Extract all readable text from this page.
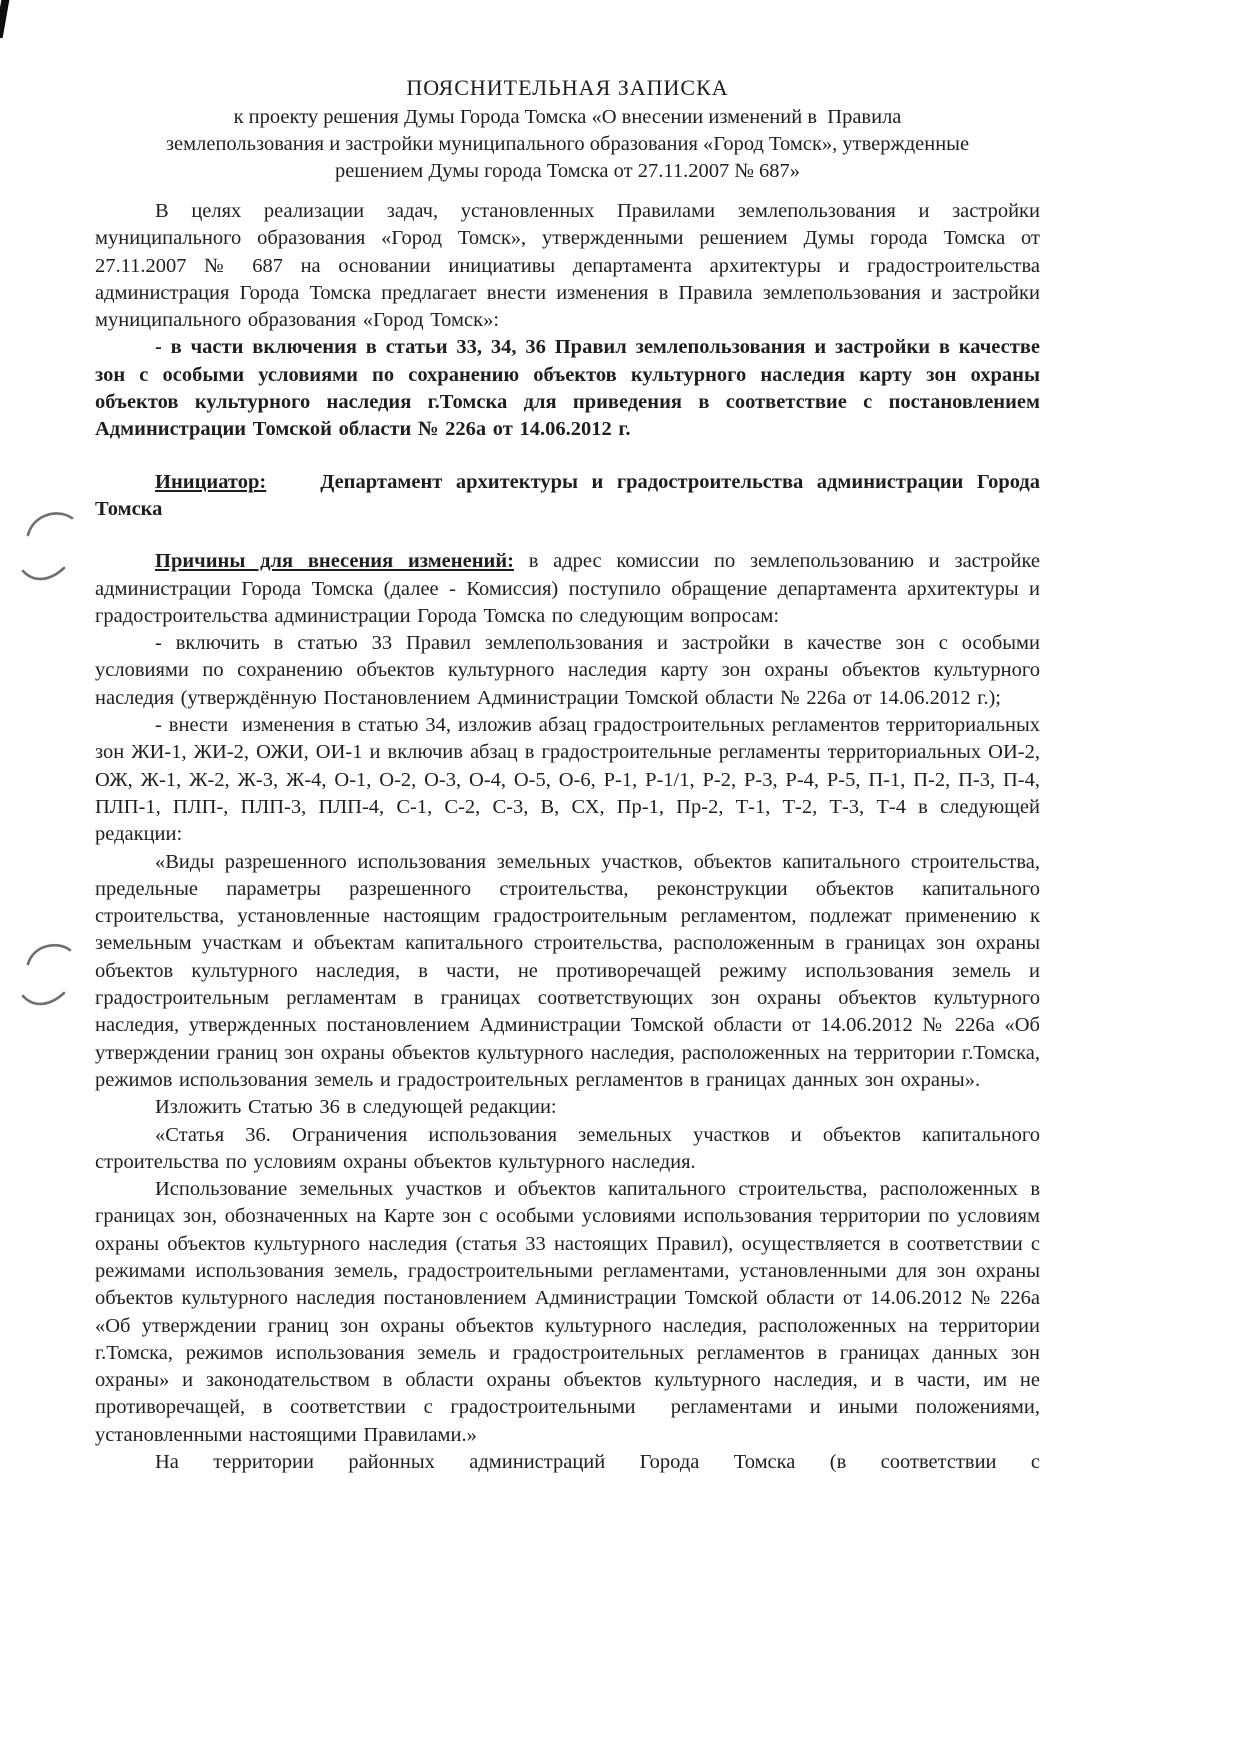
ПОЯСНИТЕЛЬНАЯ ЗАПИСКА

к проекту решения Думы Города Томска «О внесении изменений в  Правила

землепользования и застройки муниципального образования «Город Томск», утвержденные

решением Думы города Томска от 27.11.2007 № 687»

В целях реализации задач, установленных Правилами землепользования и застройки муниципального образования «Город Томск», утвержденными решением Думы города Томска от 27.11.2007 № 687 на основании инициативы департамента архитектуры и градостроительства администрация Города Томска предлагает внести изменения в Правила землепользования и застройки муниципального образования «Город Томск»:

- в части включения в статьи 33, 34, 36 Правил землепользования и застройки в качестве зон с особыми условиями по сохранению объектов культурного наследия карту зон охраны объектов культурного наследия г.Томска для приведения в соответствие с постановлением Администрации Томской области № 226а от 14.06.2012 г.

Инициатор:    Департамент архитектуры и градостроительства администрации Города Томска

Причины для внесения изменений: в адрес комиссии по землепользованию и застройке администрации Города Томска (далее - Комиссия) поступило обращение департамента архитектуры и градостроительства администрации Города Томска по следующим вопросам:

- включить в статью 33 Правил землепользования и застройки в качестве зон с особыми условиями по сохранению объектов культурного наследия карту зон охраны объектов культурного наследия (утверждённую Постановлением Администрации Томской области № 226а от 14.06.2012 г.);

- внести  изменения в статью 34, изложив абзац градостроительных регламентов территориальных зон ЖИ-1, ЖИ-2, ОЖИ, ОИ-1 и включив абзац в градостроительные регламенты территориальных ОИ-2, ОЖ, Ж-1, Ж-2, Ж-3, Ж-4, О-1, О-2, О-3, О-4, О-5, О-6, Р-1, Р-1/1, Р-2, Р-3, Р-4, Р-5, П-1, П-2, П-3, П-4, ПЛП-1, ПЛП-, ПЛП-3, ПЛП-4, С-1, С-2, С-3, В, СХ, Пр-1, Пр-2, Т-1, Т-2, Т-3, Т-4 в следующей редакции:

«Виды разрешенного использования земельных участков, объектов капитального строительства, предельные параметры разрешенного строительства, реконструкции объектов капитального строительства, установленные настоящим градостроительным регламентом, подлежат применению к земельным участкам и объектам капитального строительства, расположенным в границах зон охраны объектов культурного наследия, в части, не противоречащей режиму использования земель и градостроительным регламентам в границах соответствующих зон охраны объектов культурного наследия, утвержденных постановлением Администрации Томской области от 14.06.2012 № 226а «Об утверждении границ зон охраны объектов культурного наследия, расположенных на территории г.Томска, режимов использования земель и градостроительных регламентов в границах данных зон охраны».

Изложить Статью 36 в следующей редакции:

«Статья 36. Ограничения использования земельных участков и объектов капитального строительства по условиям охраны объектов культурного наследия.

Использование земельных участков и объектов капитального строительства, расположенных в границах зон, обозначенных на Карте зон с особыми условиями использования территории по условиям охраны объектов культурного наследия (статья 33 настоящих Правил), осуществляется в соответствии с режимами использования земель, градостроительными регламентами, установленными для зон охраны объектов культурного наследия постановлением Администрации Томской области от 14.06.2012 № 226а «Об утверждении границ зон охраны объектов культурного наследия, расположенных на территории г.Томска, режимов использования земель и градостроительных регламентов в границах данных зон охраны» и законодательством в области охраны объектов культурного наследия, и в части, им не противоречащей, в соответствии с градостроительными  регламентами и иными положениями, установленными настоящими Правилами.»

На территории районных администраций Города Томска (в соответствии с
